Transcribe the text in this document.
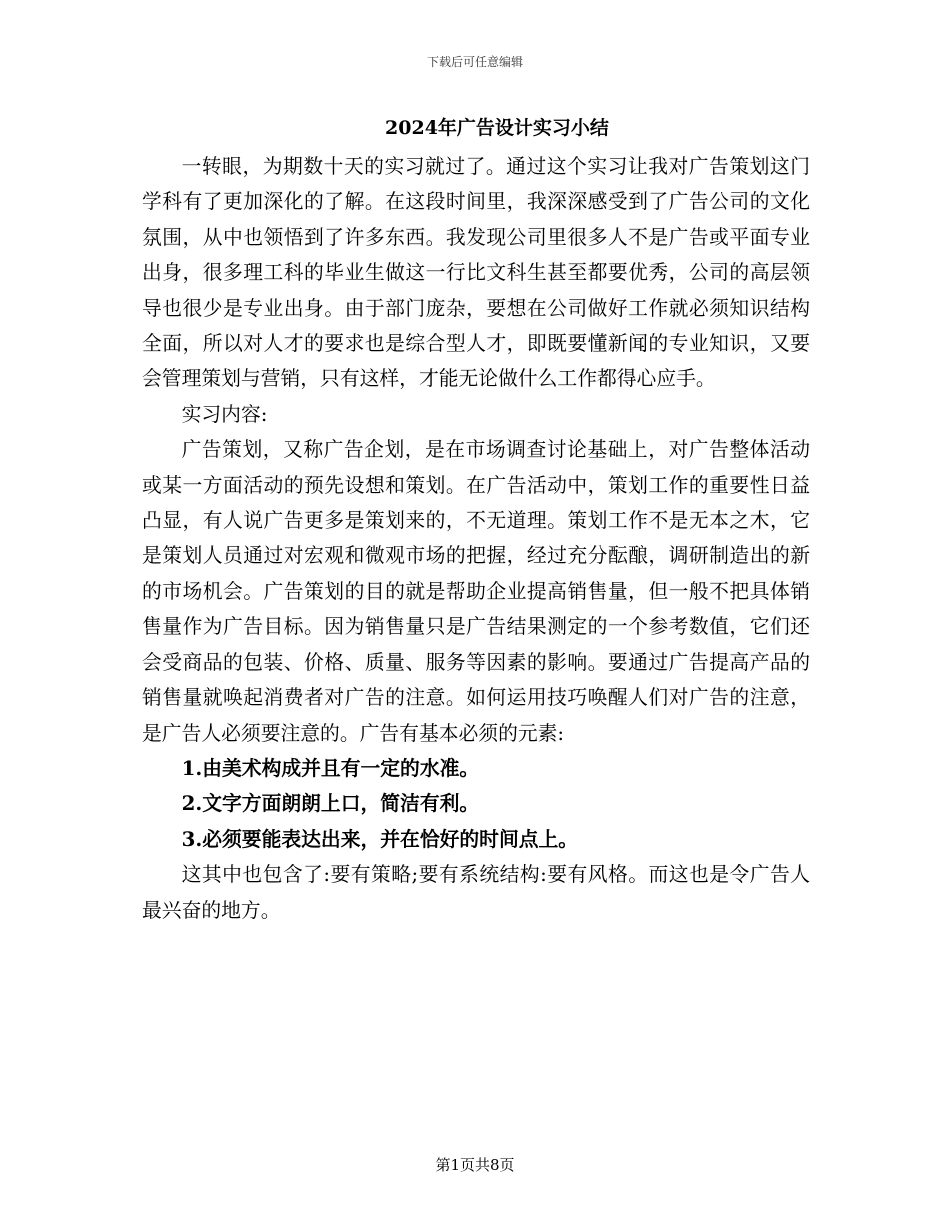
下载后可任意编辑
2024年广告设计实习小结

一转眼，为期数十天的实习就过了。通过这个实习让我对广告策划这门学科有了更加深化的了解。在这段时间里，我深深感受到了广告公司的文化氛围，从中也领悟到了许多东西。我发现公司里很多人不是广告或平面专业出身，很多理工科的毕业生做这一行比文科生甚至都要优秀，公司的高层领导也很少是专业出身。由于部门庞杂，要想在公司做好工作就必须知识结构全面，所以对人才的要求也是综合型人才，即既要懂新闻的专业知识，又要会管理策划与营销，只有这样，才能无论做什么工作都得心应手。

实习内容:

广告策划，又称广告企划，是在市场调查讨论基础上，对广告整体活动或某一方面活动的预先设想和策划。在广告活动中，策划工作的重要性日益凸显，有人说广告更多是策划来的，不无道理。策划工作不是无本之木，它是策划人员通过对宏观和微观市场的把握，经过充分酝酿，调研制造出的新的市场机会。广告策划的目的就是帮助企业提高销售量，但一般不把具体销售量作为广告目标。因为销售量只是广告结果测定的一个参考数值，它们还会受商品的包装、价格、质量、服务等因素的影响。要通过广告提高产品的销售量就唤起消费者对广告的注意。如何运用技巧唤醒人们对广告的注意，是广告人必须要注意的。广告有基本必须的元素:

1.由美术构成并且有一定的水准。

2.文字方面朗朗上口，简洁有利。

3.必须要能表达出来，并在恰好的时间点上。

这其中也包含了:要有策略;要有系统结构:要有风格。而这也是令广告人最兴奋的地方。

第1页共8页
